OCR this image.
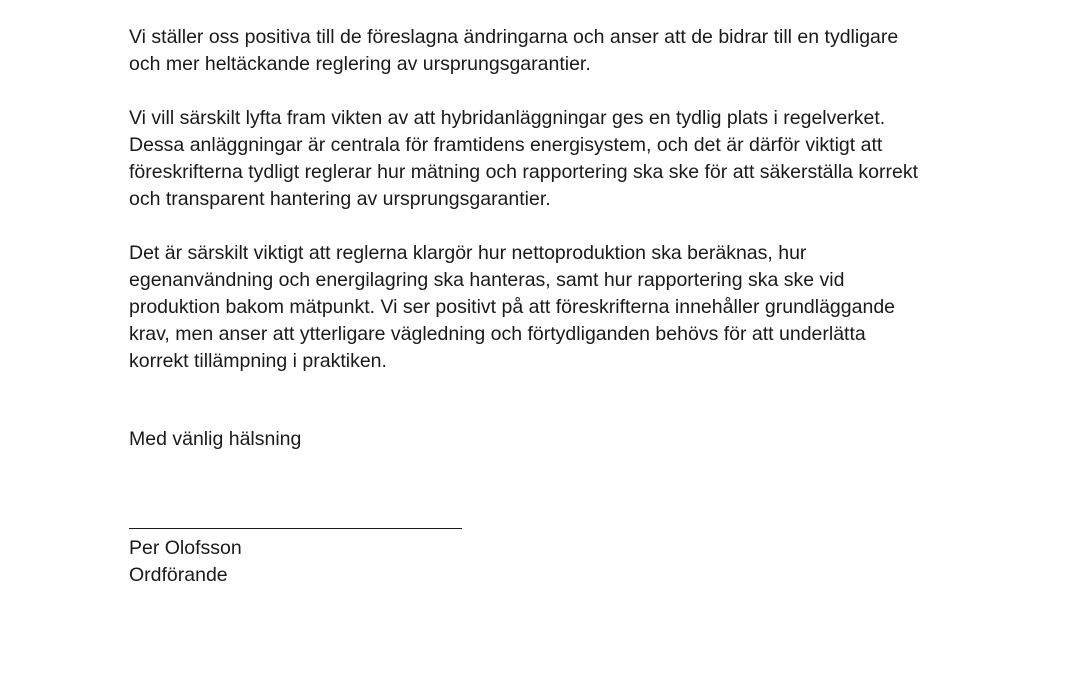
Vi ställer oss positiva till de föreslagna ändringarna och anser att de bidrar till en tydligare
och mer heltäckande reglering av ursprungsgarantier.

Vi vill särskilt lyfta fram vikten av att hybridanläggningar ges en tydlig plats i regelverket.
Dessa anläggningar är centrala för framtidens energisystem, och det är därför viktigt att
föreskrifterna tydligt reglerar hur mätning och rapportering ska ske för att säkerställa korrekt
och transparent hantering av ursprungsgarantier.

Det är särskilt viktigt att reglerna klargör hur nettoproduktion ska beräknas, hur
egenanvändning och energilagring ska hanteras, samt hur rapportering ska ske vid
produktion bakom mätpunkt. Vi ser positivt på att föreskrifterna innehåller grundläggande
krav, men anser att ytterligare vägledning och förtydliganden behövs för att underlätta
korrekt tillämpning i praktiken.

Med vänlig hälsning
Per Olofsson
Ordförande
